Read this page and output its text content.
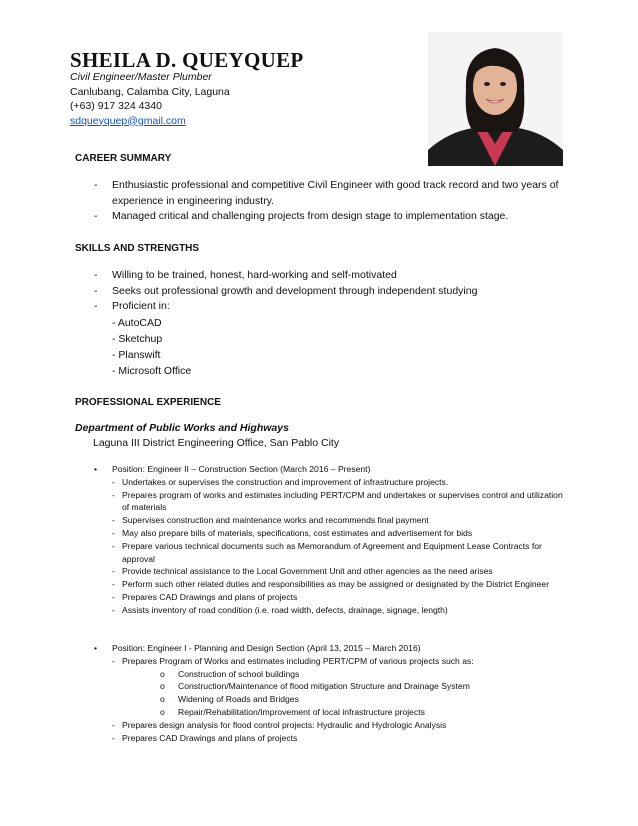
SHEILA D. QUEYQUEP
Civil Engineer/Master Plumber
Canlubang, Calamba City, Laguna
(+63) 917 324 4340
sdqueyquep@gmail.com
CAREER SUMMARY
- Enthusiastic professional and competitive Civil Engineer with good track record and two years of experience in engineering industry.
- Managed critical and challenging projects from design stage to implementation stage.
SKILLS AND STRENGTHS
- Willing to be trained, honest, hard-working and self-motivated
- Seeks out professional growth and development through independent studying
- Proficient in:
- AutoCAD
- Sketchup
- Planswift
- Microsoft Office
PROFESSIONAL EXPERIENCE
Department of Public Works and Highways
Laguna III District Engineering Office, San Pablo City
• Position: Engineer II – Construction Section (March 2016 – Present)
- Undertakes or supervises the construction and improvement of infrastructure projects.
- Prepares program of works and estimates including PERT/CPM and undertakes or supervises control and utilization of materials
- Supervises construction and maintenance works and recommends final payment
- May also prepare bills of materials, specifications, cost estimates and advertisement for bids
- Prepare various technical documents such as Memorandum of Agreement and Equipment Lease Contracts for approval
- Provide technical assistance to the Local Government Unit and other agencies as the need arises
- Perform such other related duties and responsibilities as may be assigned or designated by the District Engineer
- Prepares CAD Drawings and plans of projects
- Assists inventory of road condition (i.e. road width, defects, drainage, signage, length)
• Position: Engineer I - Planning and Design Section (April 13, 2015 – March 2016)
- Prepares Program of Works and estimates including PERT/CPM of various projects such as:
o Construction of school buildings
o Construction/Maintenance of flood mitigation Structure and Drainage System
o Widening of Roads and Bridges
o Repair/Rehabilitation/Improvement of local infrastructure projects
- Prepares design analysis for flood control projects: Hydraulic and Hydrologic Analysis
- Prepares CAD Drawings and plans of projects
